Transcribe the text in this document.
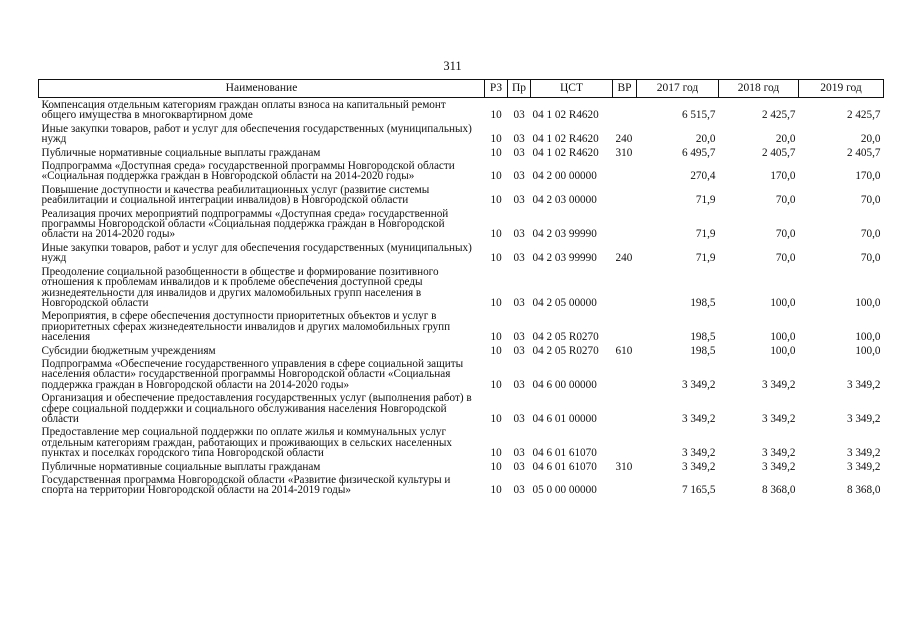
311
Наименование	РЗ	Пр	ЦСТ	ВР	2017 год	2018 год	2019 год
Компенсация отдельным категориям граждан оплаты взноса на капитальный ремонт общего имущества в многоквартирном доме	10	03	04 1 02 R4620		6 515,7	2 425,7	2 425,7
Иные закупки товаров, работ и услуг для обеспечения государственных (муниципальных) нужд	10	03	04 1 02 R4620	240	20,0	20,0	20,0
Публичные нормативные социальные выплаты гражданам	10	03	04 1 02 R4620	310	6 495,7	2 405,7	2 405,7
Подпрограмма «Доступная среда» государственной программы Новгородской области «Социальная поддержка граждан в Новгородской области на 2014-2020 годы»	10	03	04 2 00 00000		270,4	170,0	170,0
Повышение доступности и качества реабилитационных услуг (развитие системы реабилитации и социальной интеграции инвалидов) в Новгородской области	10	03	04 2 03 00000		71,9	70,0	70,0
Реализация прочих мероприятий подпрограммы «Доступная среда» государственной программы Новгородской области «Социальная поддержка граждан в Новгородской области на 2014-2020 годы»	10	03	04 2 03 99990		71,9	70,0	70,0
Иные закупки товаров, работ и услуг для обеспечения государственных (муниципальных) нужд	10	03	04 2 03 99990	240	71,9	70,0	70,0
Преодоление социальной разобщенности в обществе и формирование позитивного отношения к проблемам инвалидов и к проблеме обеспечения доступной среды жизнедеятельности для инвалидов и других маломобильных групп населения в Новгородской области	10	03	04 2 05 00000		198,5	100,0	100,0
Мероприятия, в сфере обеспечения доступности приоритетных объектов и услуг в приоритетных сферах жизнедеятельности инвалидов и других маломобильных групп населения	10	03	04 2 05 R0270		198,5	100,0	100,0
Субсидии бюджетным учреждениям	10	03	04 2 05 R0270	610	198,5	100,0	100,0
Подпрограмма «Обеспечение государственного управления в сфере социальной защиты населения области» государственной программы Новгородской области «Социальная поддержка граждан в Новгородской области на 2014-2020 годы»	10	03	04 6 00 00000		3 349,2	3 349,2	3 349,2
Организация и обеспечение предоставления государственных услуг (выполнения работ) в сфере социальной поддержки и социального обслуживания населения Новгородской области	10	03	04 6 01 00000		3 349,2	3 349,2	3 349,2
Предоставление мер социальной поддержки по оплате жилья и коммунальных услуг отдельным категориям граждан, работающих и проживающих в сельских населенных пунктах и поселках городского типа Новгородской области	10	03	04 6 01 61070		3 349,2	3 349,2	3 349,2
Публичные нормативные социальные выплаты гражданам	10	03	04 6 01 61070	310	3 349,2	3 349,2	3 349,2
Государственная программа Новгородской области «Развитие физической культуры и спорта на территории Новгородской области на 2014-2019 годы»	10	03	05 0 00 00000		7 165,5	8 368,0	8 368,0
